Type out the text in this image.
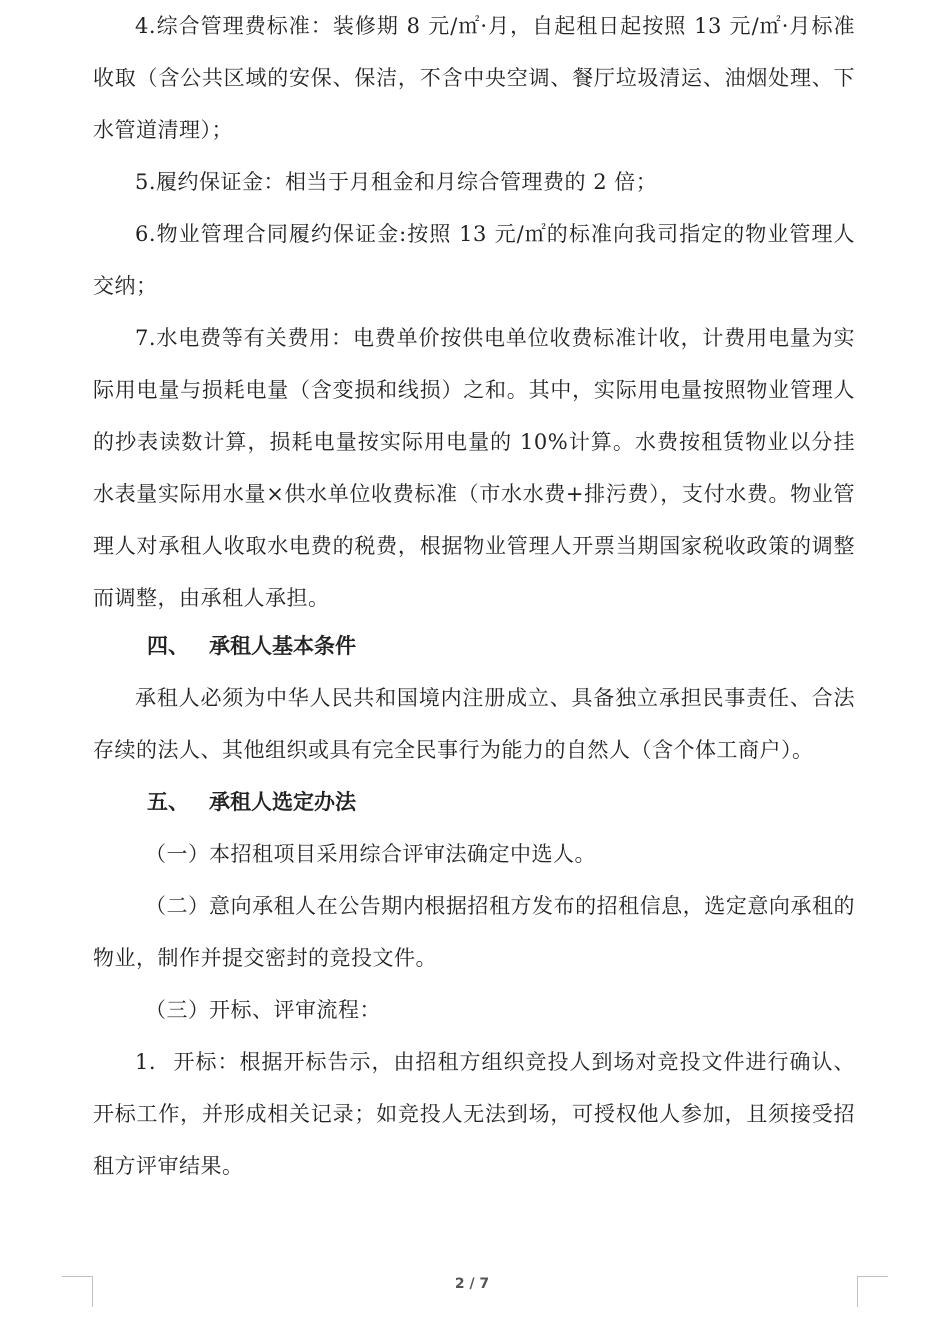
4.综合管理费标准：装修期 8 元/㎡·月，自起租日起按照 13 元/㎡·月标准收取（含公共区域的安保、保洁，不含中央空调、餐厅垃圾清运、油烟处理、下水管道清理）；
5.履约保证金：相当于月租金和月综合管理费的 2 倍；
6.物业管理合同履约保证金:按照 13 元/㎡的标准向我司指定的物业管理人交纳；
7.水电费等有关费用：电费单价按供电单位收费标准计收，计费用电量为实际用电量与损耗电量（含变损和线损）之和。其中，实际用电量按照物业管理人的抄表读数计算，损耗电量按实际用电量的 10%计算。水费按租赁物业以分挂水表量实际用水量×供水单位收费标准（市水水费+排污费），支付水费。物业管理人对承租人收取水电费的税费，根据物业管理人开票当期国家税收政策的调整而调整，由承租人承担。
四、 承租人基本条件
承租人必须为中华人民共和国境内注册成立、具备独立承担民事责任、合法存续的法人、其他组织或具有完全民事行为能力的自然人（含个体工商户）。
五、 承租人选定办法
（一）本招租项目采用综合评审法确定中选人。
（二）意向承租人在公告期内根据招租方发布的招租信息，选定意向承租的物业，制作并提交密封的竞投文件。
（三）开标、评审流程：
1. 开标：根据开标告示，由招租方组织竞投人到场对竞投文件进行确认、开标工作，并形成相关记录；如竞投人无法到场，可授权他人参加，且须接受招租方评审结果。
2 / 7
